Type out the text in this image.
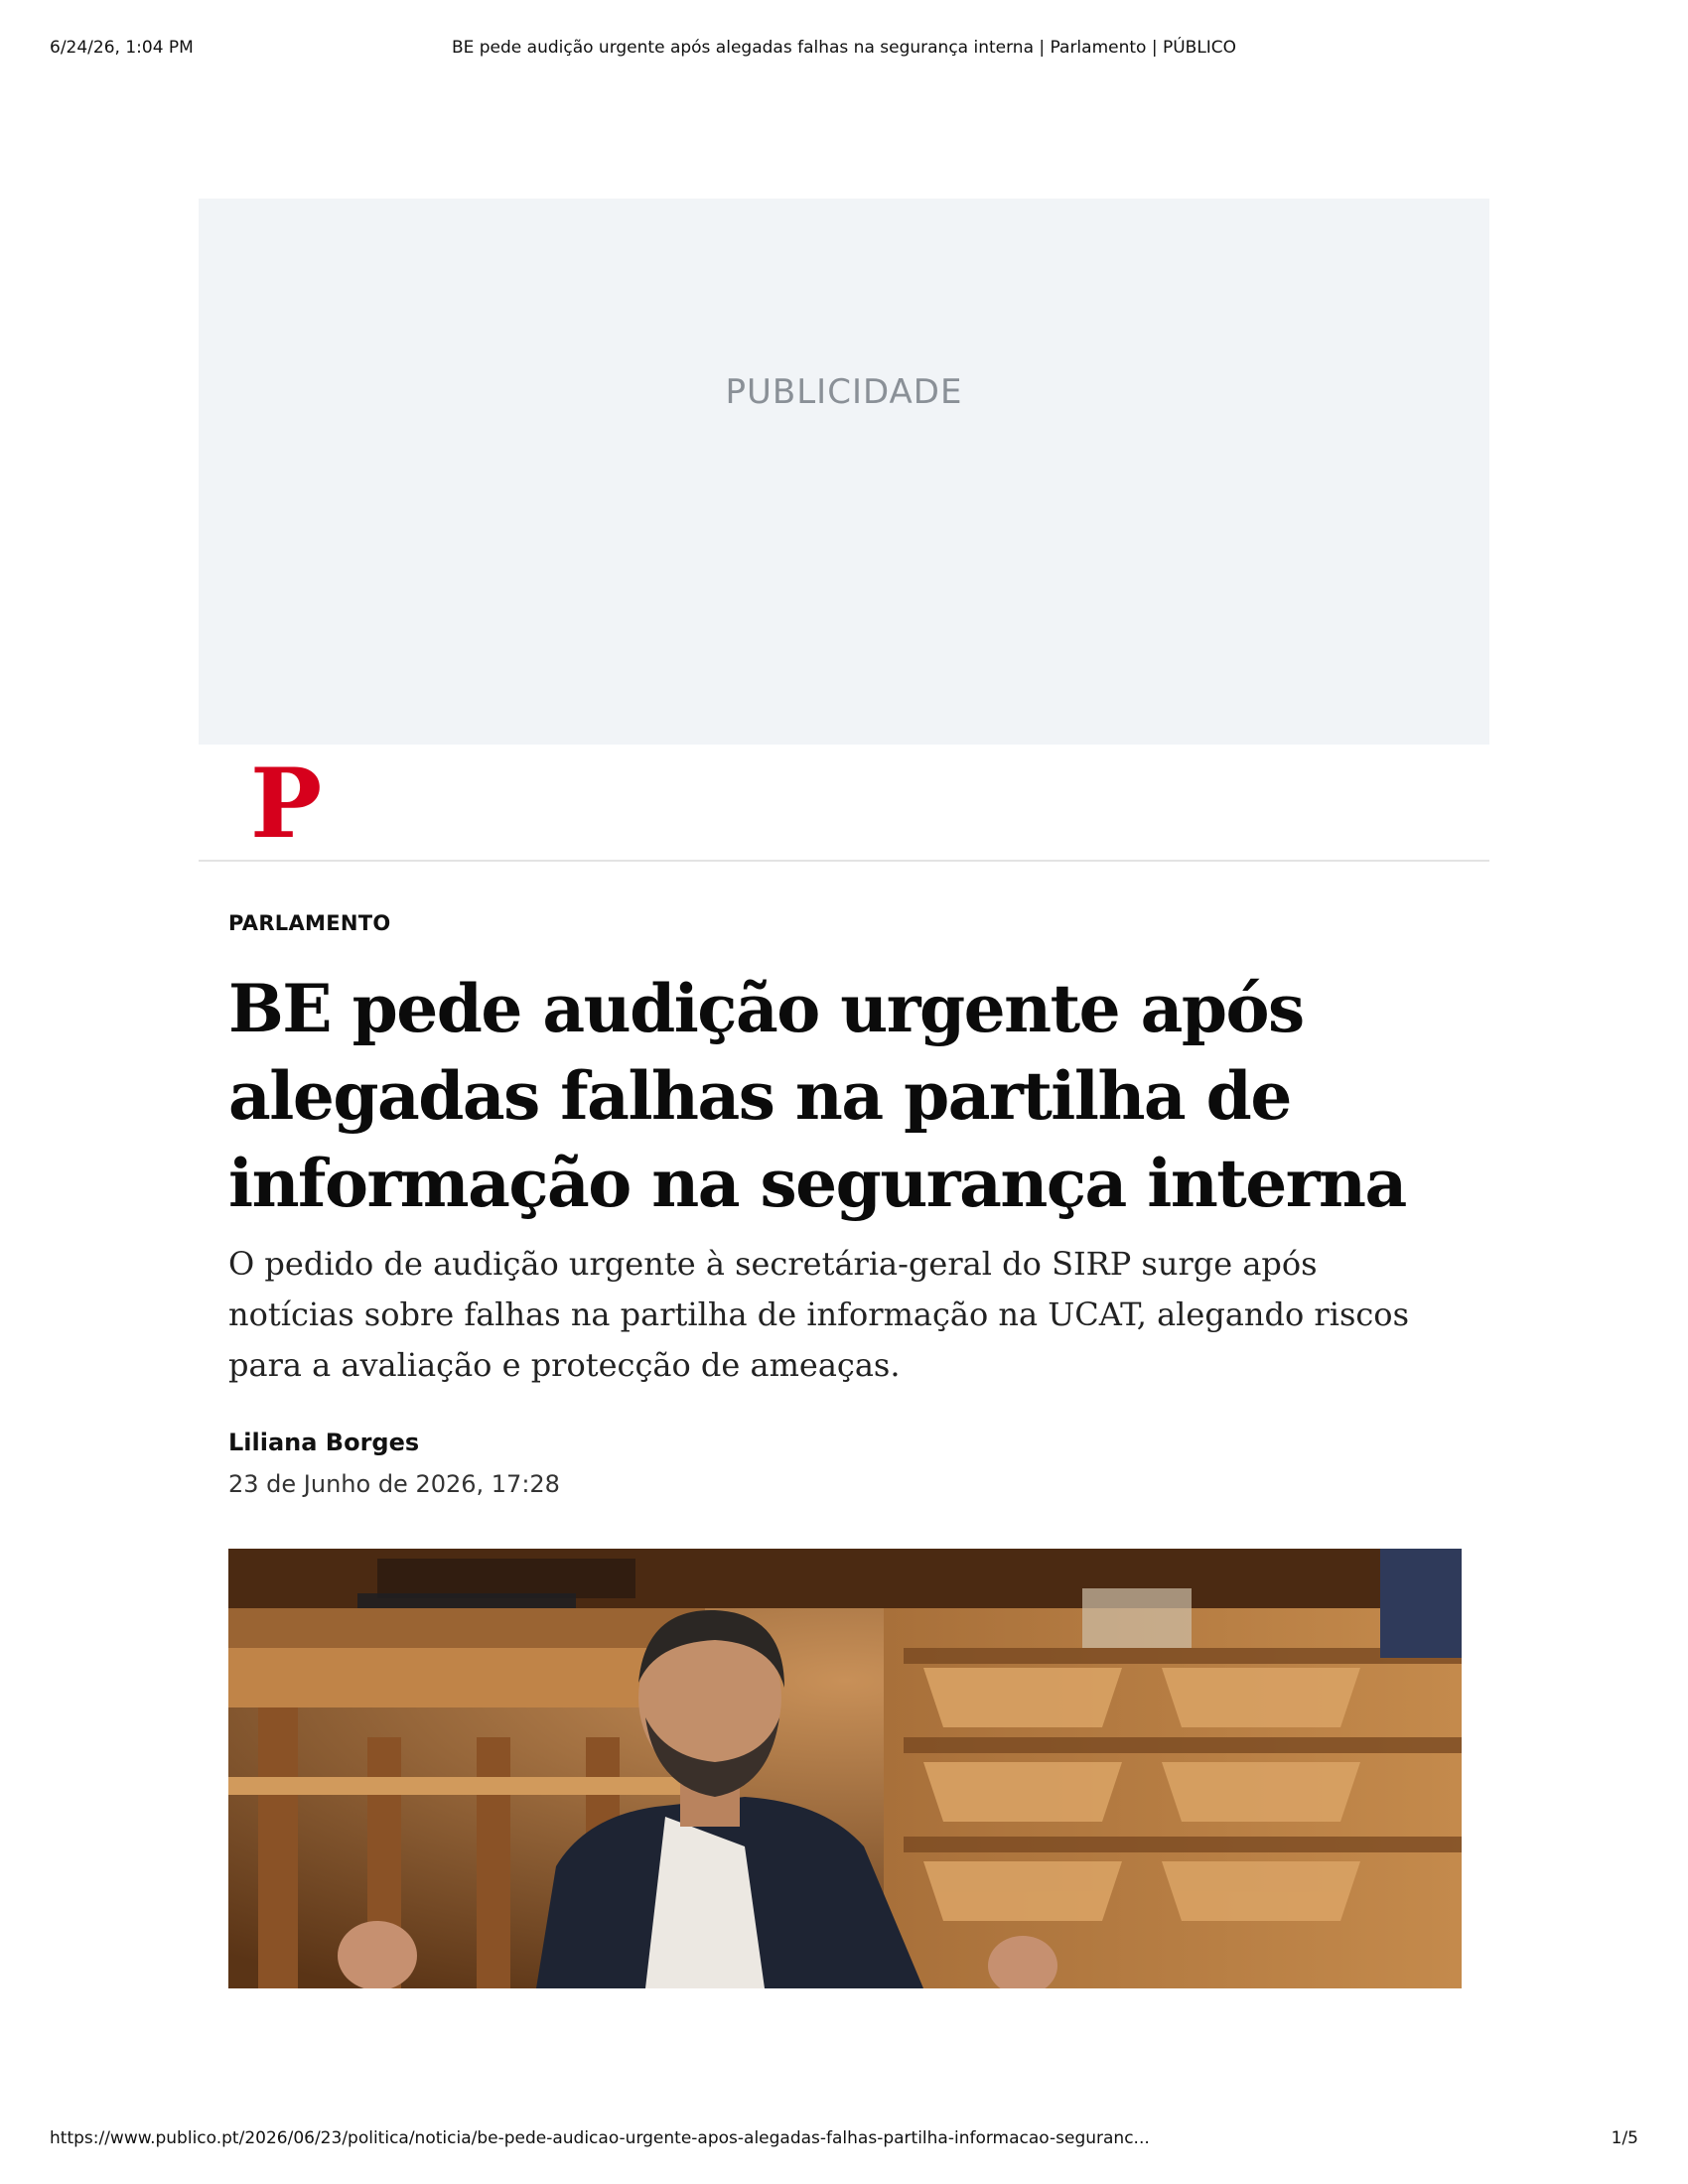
6/24/26, 1:04 PM	BE pede audição urgente após alegadas falhas na segurança interna | Parlamento | PÚBLICO
PUBLICIDADE
P

PARLAMENTO

BE pede audição urgente após alegadas falhas na partilha de informação na segurança interna

O pedido de audição urgente à secretária-geral do SIRP surge após notícias sobre falhas na partilha de informação na UCAT, alegando riscos para a avaliação e protecção de ameaças.

Liliana Borges
23 de Junho de 2026, 17:28
https://www.publico.pt/2026/06/23/politica/noticia/be-pede-audicao-urgente-apos-alegadas-falhas-partilha-informacao-seguranc...	1/5
